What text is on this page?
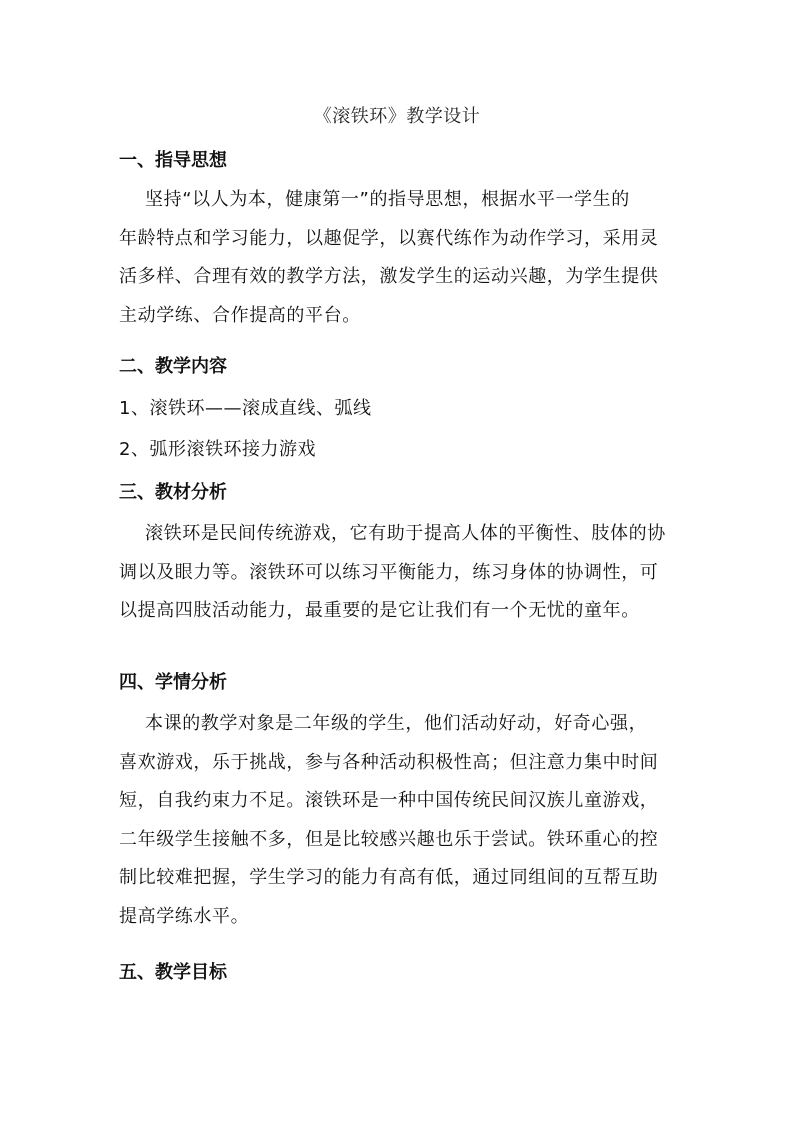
《滚铁环》教学设计
一、指导思想
坚持“以人为本，健康第一”的指导思想，根据水平一学生的
年龄特点和学习能力，以趣促学，以赛代练作为动作学习，采用灵
活多样、合理有效的教学方法，激发学生的运动兴趣，为学生提供
主动学练、合作提高的平台。
二、教学内容
1、滚铁环——滚成直线、弧线
2、弧形滚铁环接力游戏
三、教材分析
滚铁环是民间传统游戏，它有助于提高人体的平衡性、肢体的协
调以及眼力等。滚铁环可以练习平衡能力，练习身体的协调性，可
以提高四肢活动能力，最重要的是它让我们有一个无忧的童年。
四、学情分析
本课的教学对象是二年级的学生，他们活动好动，好奇心强，
喜欢游戏，乐于挑战，参与各种活动积极性高；但注意力集中时间
短，自我约束力不足。滚铁环是一种中国传统民间汉族儿童游戏，
二年级学生接触不多，但是比较感兴趣也乐于尝试。铁环重心的控
制比较难把握，学生学习的能力有高有低，通过同组间的互帮互助
提高学练水平。
五、教学目标
